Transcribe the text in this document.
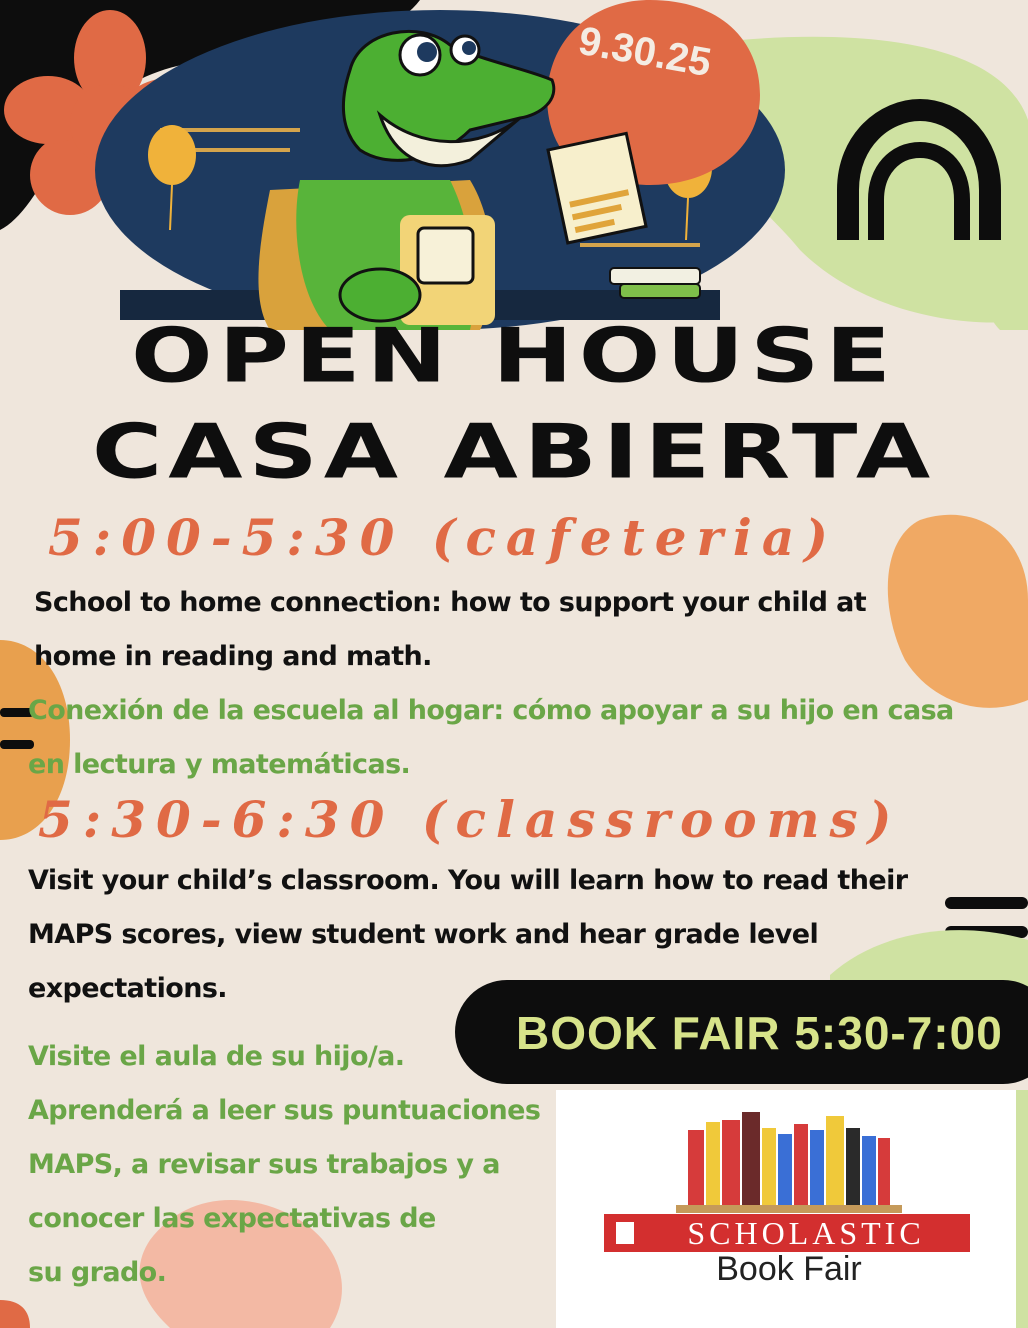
9.30.25
OPEN HOUSE
CASA ABIERTA
5:00-5:30 (cafeteria)
School to home connection: how to support your child at
home in reading and math.
Conexión de la escuela al hogar: cómo apoyar a su hijo en casa
en lectura y matemáticas.
5:30-6:30 (classrooms)
Visit your child’s classroom. You will learn how to read their
MAPS scores, view student work and hear grade level
expectations.
Visite el aula de su hijo/a.
Aprenderá a leer sus puntuaciones
MAPS, a revisar sus trabajos y a
conocer las expectativas de
su grado.
BOOK FAIR 5:30-7:00
SCHOLASTIC
Book Fair
